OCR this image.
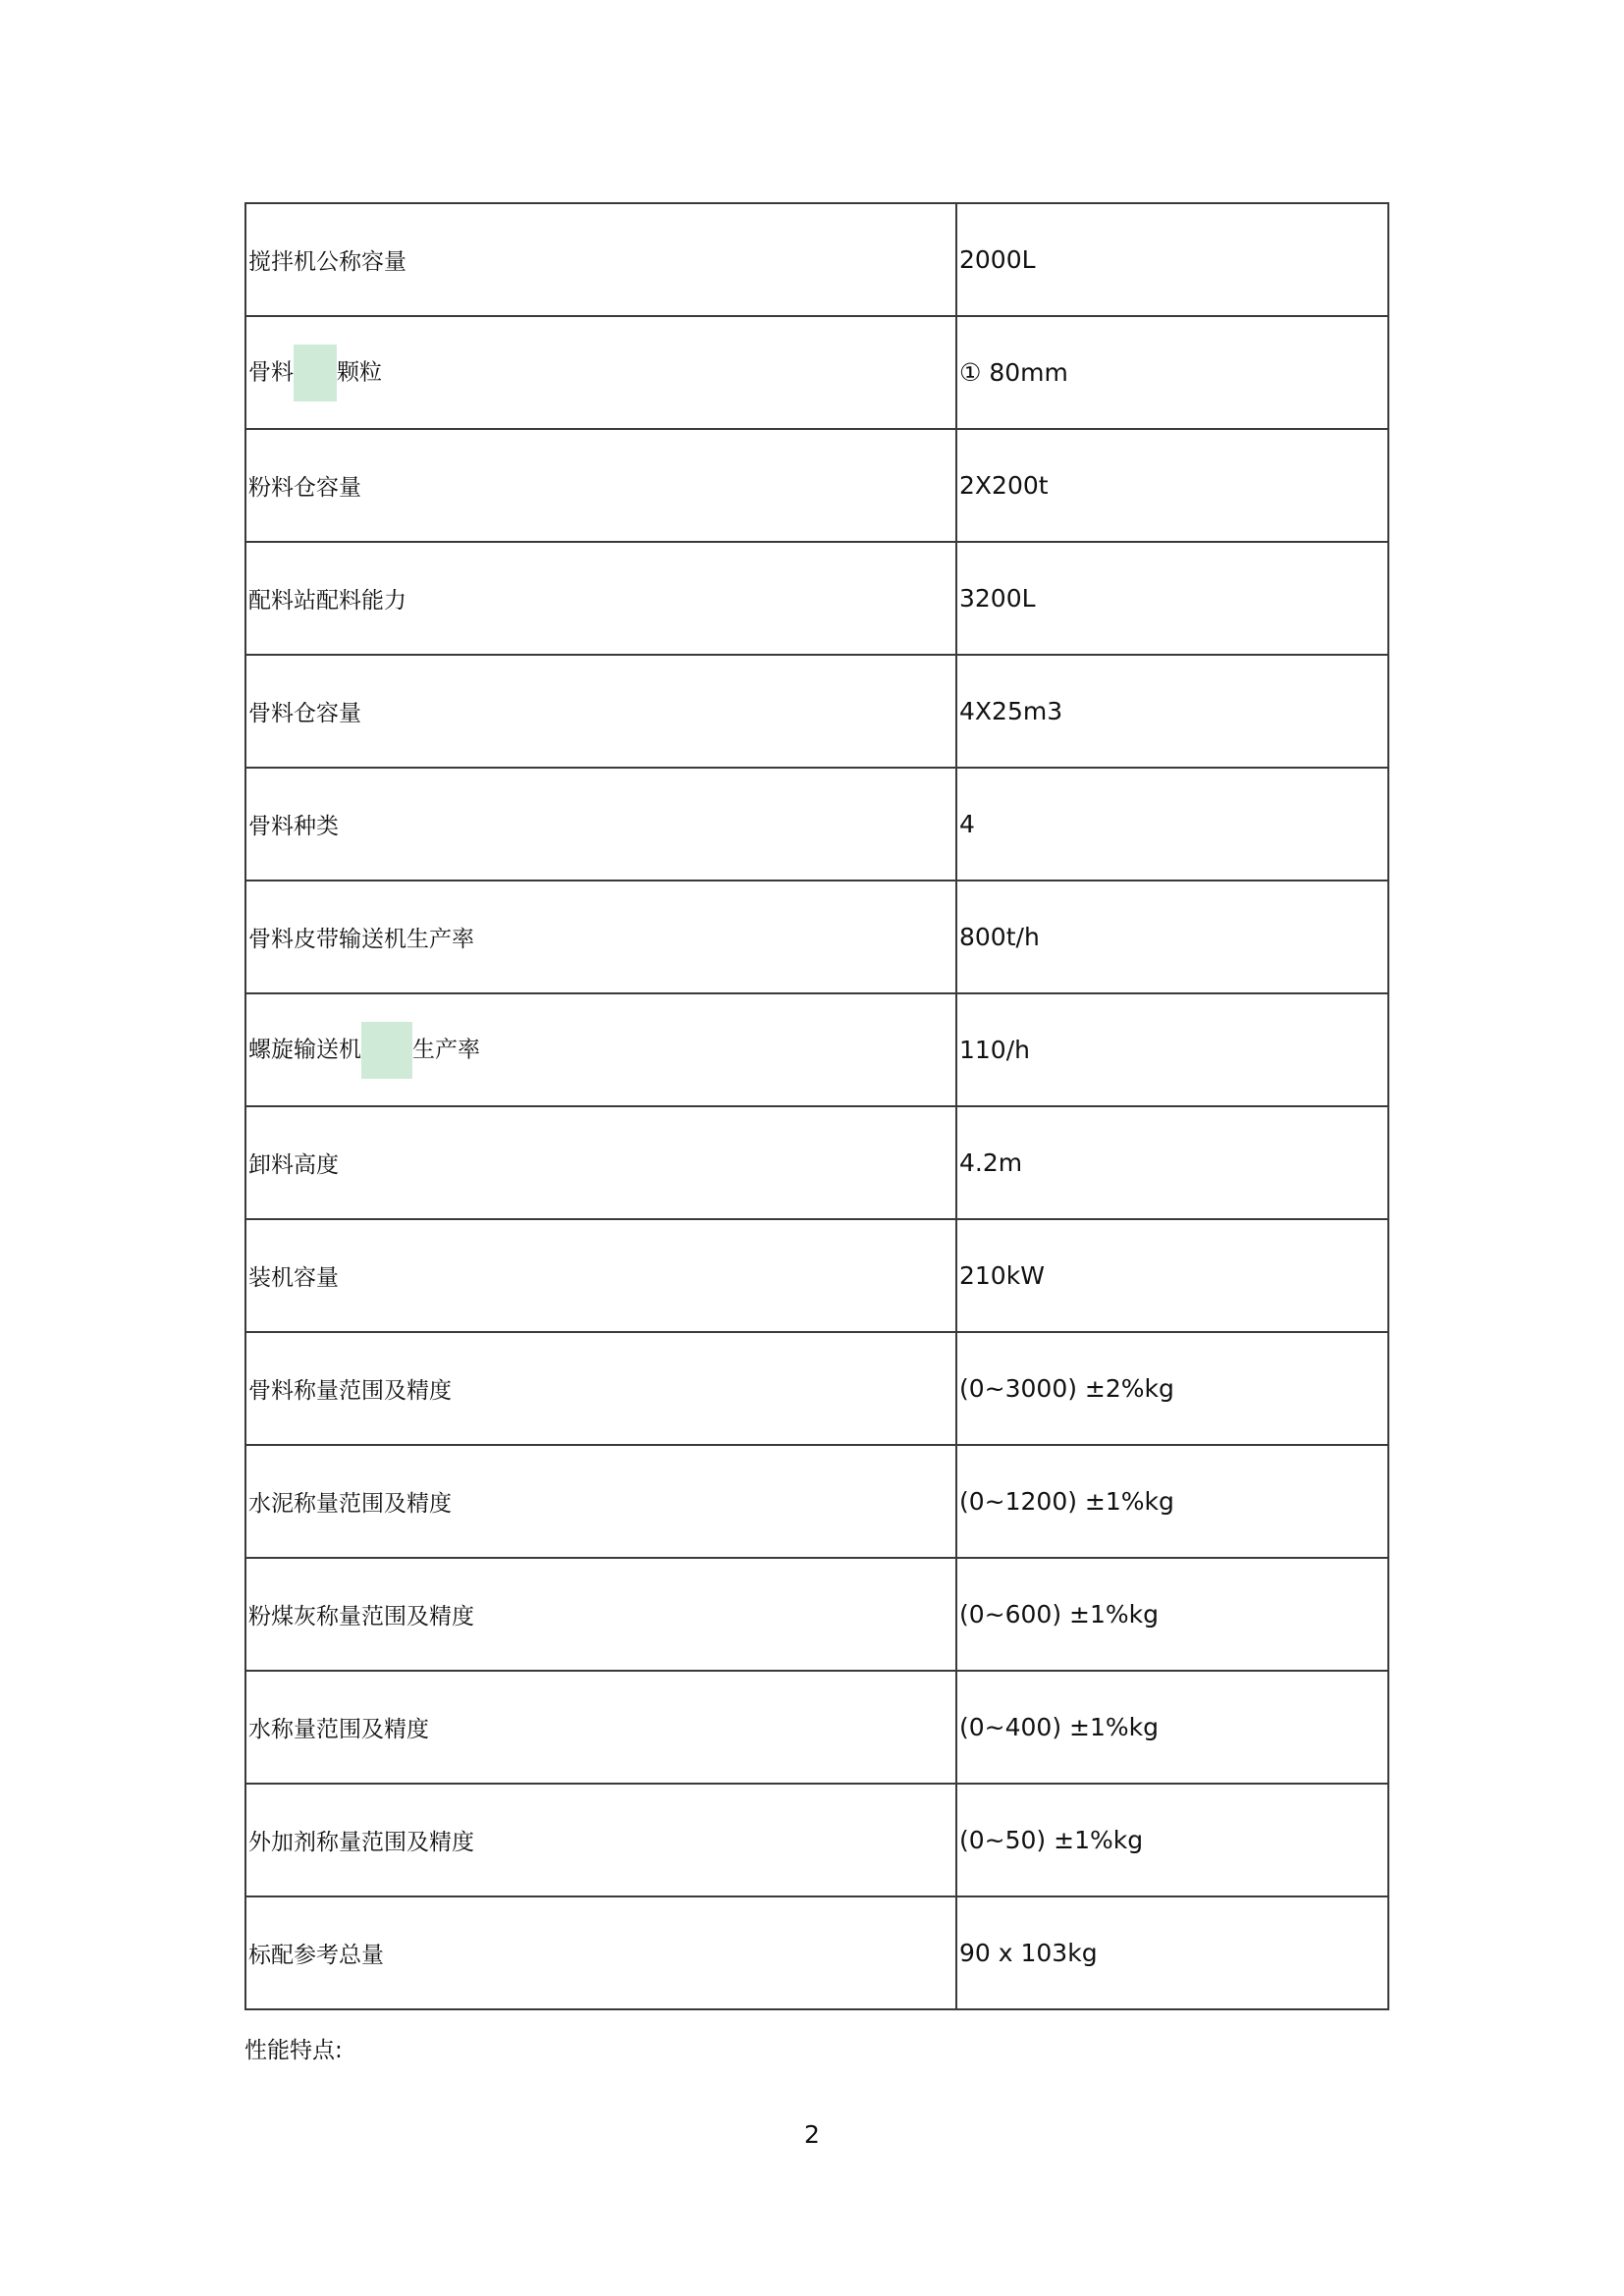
搅拌机公称容量	2000L
骨料 颗粒	① 80mm
粉料仓容量	2X200t
配料站配料能力	3200L
骨料仓容量	4X25m3
骨料种类	4
骨料皮带输送机生产率	800t/h
螺旋输送机 生产率	110/h
卸料高度	4.2m
装机容量	210kW
骨料称量范围及精度	(0~3000) ±2%kg
水泥称量范围及精度	(0~1200) ±1%kg
粉煤灰称量范围及精度	(0~600) ±1%kg
水称量范围及精度	(0~400) ±1%kg
外加剂称量范围及精度	(0~50) ±1%kg
标配参考总量	90 x 103kg
性能特点:
2
